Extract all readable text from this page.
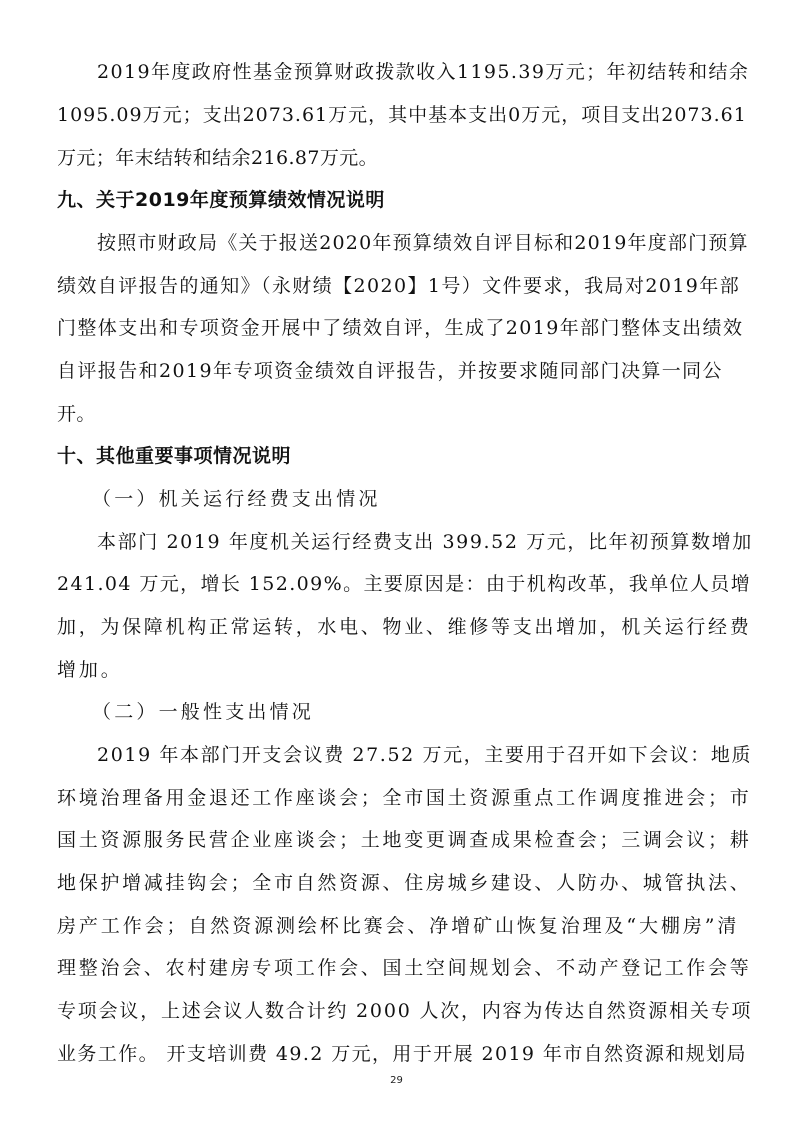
2019年度政府性基金预算财政拨款收入1195.39万元；年初结转和结余
1095.09万元；支出2073.61万元，其中基本支出0万元，项目支出2073.61
万元；年末结转和结余216.87万元。
九、关于2019年度预算绩效情况说明
按照市财政局《关于报送2020年预算绩效自评目标和2019年度部门预算
绩效自评报告的通知》（永财绩【2020】1号）文件要求，我局对2019年部
门整体支出和专项资金开展中了绩效自评，生成了2019年部门整体支出绩效
自评报告和2019年专项资金绩效自评报告，并按要求随同部门决算一同公
开。
十、其他重要事项情况说明
（一）机关运行经费支出情况
本部门 2019 年度机关运行经费支出 399.52 万元，比年初预算数增加
241.04 万元，增长 152.09%。主要原因是：由于机构改革，我单位人员增
加，为保障机构正常运转，水电、物业、维修等支出增加，机关运行经费
增加。
（二）一般性支出情况
2019 年本部门开支会议费 27.52 万元，主要用于召开如下会议：地质
环境治理备用金退还工作座谈会；全市国土资源重点工作调度推进会；市
国土资源服务民营企业座谈会；土地变更调查成果检查会；三调会议；耕
地保护增减挂钩会；全市自然资源、住房城乡建设、人防办、城管执法、
房产工作会；自然资源测绘杯比赛会、净增矿山恢复治理及“大棚房”清
理整治会、农村建房专项工作会、国土空间规划会、不动产登记工作会等
专项会议，上述会议人数合计约 2000 人次，内容为传达自然资源相关专项
业务工作。 开支培训费 49.2 万元，用于开展 2019 年市自然资源和规划局
29
